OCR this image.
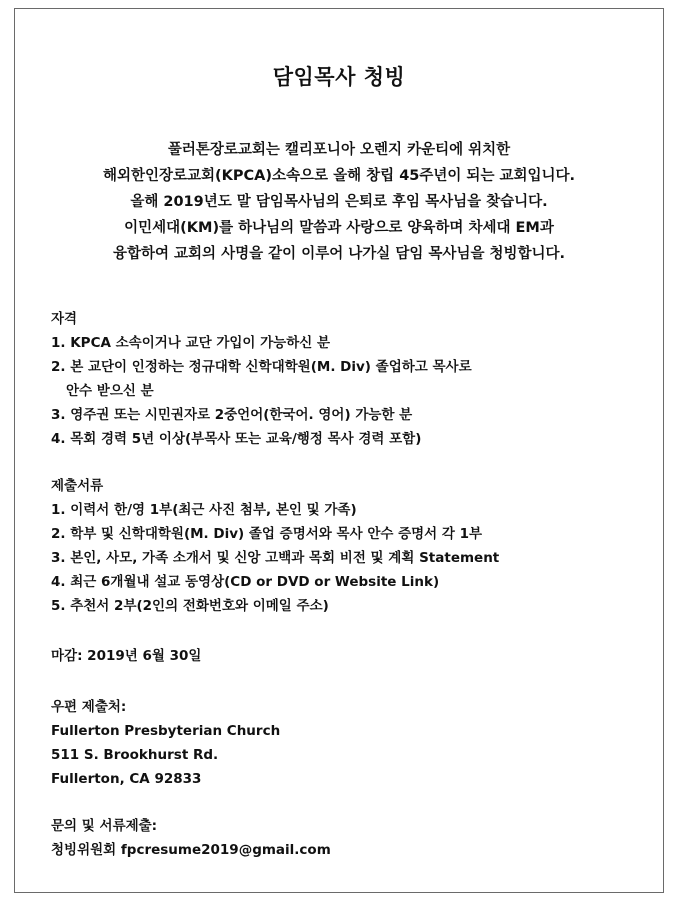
담임목사 청빙
풀러톤장로교회는 캘리포니아 오렌지 카운티에 위치한
해외한인장로교회(KPCA)소속으로 올해 창립 45주년이 되는 교회입니다.
올해 2019년도 말 담임목사님의 은퇴로 후임 목사님을 찾습니다.
이민세대(KM)를 하나님의 말씀과 사랑으로 양육하며 차세대 EM과
융합하여 교회의 사명을 같이 이루어 나가실 담임 목사님을 청빙합니다.
자격
1. KPCA 소속이거나 교단 가입이 가능하신 분
2. 본 교단이 인정하는 정규대학 신학대학원(M. Div) 졸업하고 목사로
안수 받으신 분
3. 영주권 또는 시민권자로 2중언어(한국어. 영어) 가능한 분
4. 목회 경력 5년 이상(부목사 또는 교육/행정 목사 경력 포함)
제출서류
1. 이력서 한/영 1부(최근 사진 첨부, 본인 및 가족)
2. 학부 및 신학대학원(M. Div) 졸업 증명서와 목사 안수 증명서 각 1부
3. 본인, 사모, 가족 소개서 및 신앙 고백과 목회 비전 및 계획 Statement
4. 최근 6개월내 설교 동영상(CD or DVD or Website Link)
5. 추천서 2부(2인의 전화번호와 이메일 주소)
마감: 2019년 6월 30일
우편 제출처:
Fullerton Presbyterian Church
511 S. Brookhurst Rd.
Fullerton, CA 92833
문의 및 서류제출:
청빙위원회 fpcresume2019@gmail.com
